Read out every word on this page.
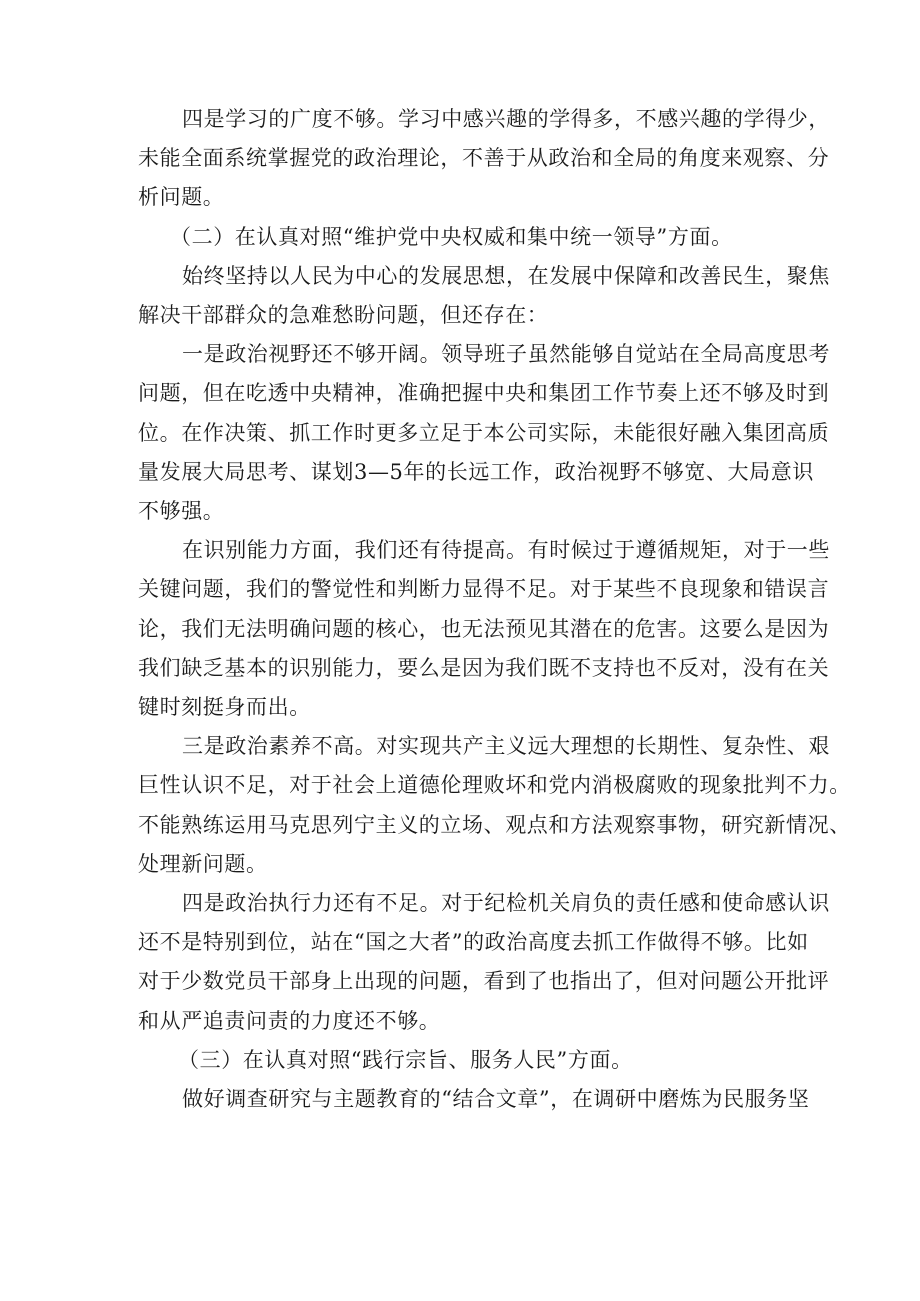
四是学习的广度不够。学习中感兴趣的学得多，不感兴趣的学得少，
未能全面系统掌握党的政治理论，不善于从政治和全局的角度来观察、分
析问题。
（二）在认真对照“维护党中央权威和集中统一领导”方面。
始终坚持以人民为中心的发展思想，在发展中保障和改善民生，聚焦
解决干部群众的急难愁盼问题，但还存在：
一是政治视野还不够开阔。领导班子虽然能够自觉站在全局高度思考
问题，但在吃透中央精神，准确把握中央和集团工作节奏上还不够及时到
位。在作决策、抓工作时更多立足于本公司实际，未能很好融入集团高质
量发展大局思考、谋划3—5年的长远工作，政治视野不够宽、大局意识
不够强。
在识别能力方面，我们还有待提高。有时候过于遵循规矩，对于一些
关键问题，我们的警觉性和判断力显得不足。对于某些不良现象和错误言
论，我们无法明确问题的核心，也无法预见其潜在的危害。这要么是因为
我们缺乏基本的识别能力，要么是因为我们既不支持也不反对，没有在关
键时刻挺身而出。
三是政治素养不高。对实现共产主义远大理想的长期性、复杂性、艰
巨性认识不足，对于社会上道德伦理败坏和党内消极腐败的现象批判不力。
不能熟练运用马克思列宁主义的立场、观点和方法观察事物，研究新情况、
处理新问题。
四是政治执行力还有不足。对于纪检机关肩负的责任感和使命感认识
还不是特别到位，站在“国之大者”的政治高度去抓工作做得不够。比如
对于少数党员干部身上出现的问题，看到了也指出了，但对问题公开批评
和从严追责问责的力度还不够。
（三）在认真对照“践行宗旨、服务人民”方面。
做好调查研究与主题教育的“结合文章”，在调研中磨炼为民服务坚
